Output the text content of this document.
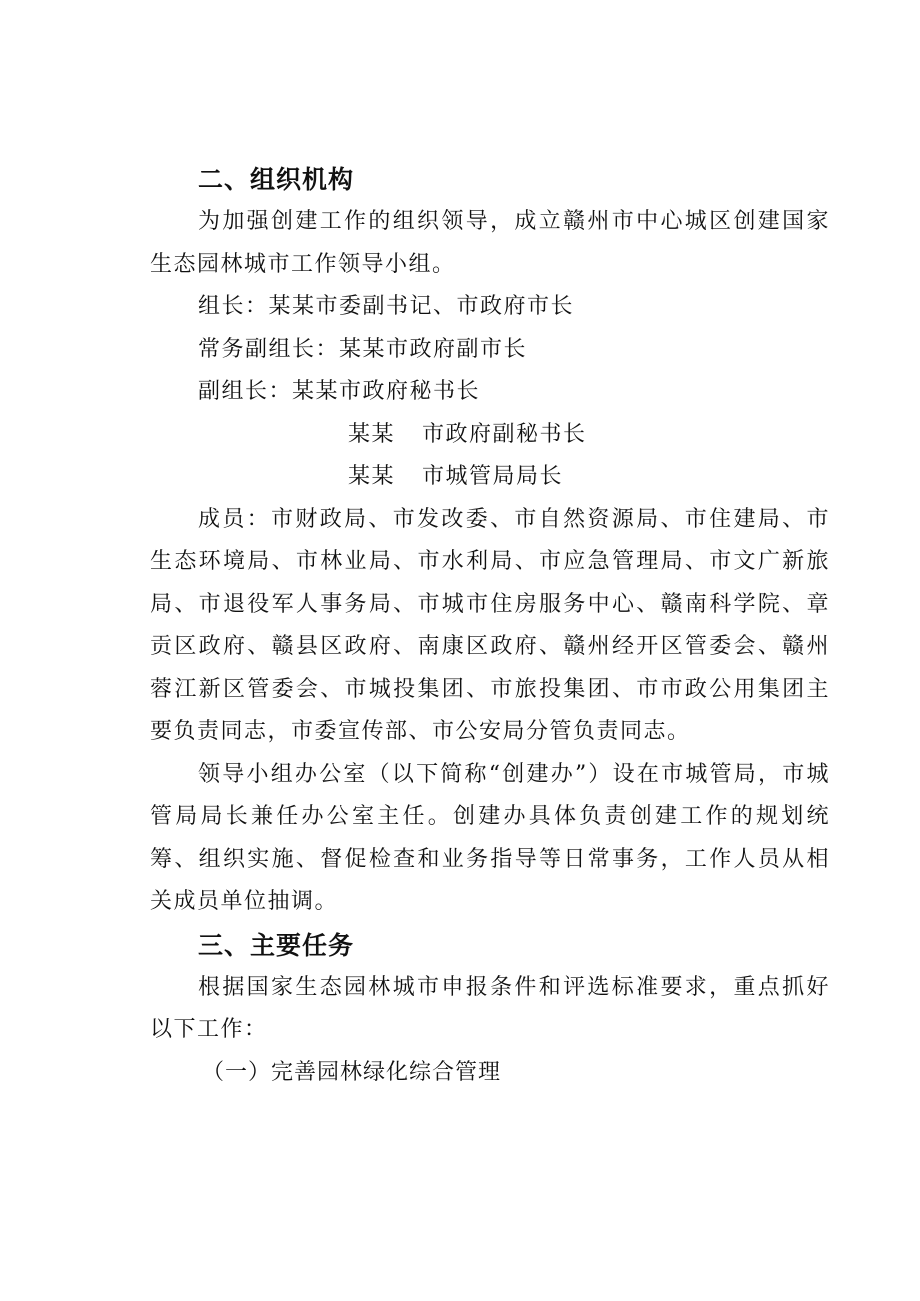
二、组织机构

为加强创建工作的组织领导，成立赣州市中心城区创建国家生态园林城市工作领导小组。

组长：某某市委副书记、市政府市长
常务副组长：某某市政府副市长
副组长：某某市政府秘书长
某某 市政府副秘书长
某某 市城管局局长

成员：市财政局、市发改委、市自然资源局、市住建局、市生态环境局、市林业局、市水利局、市应急管理局、市文广新旅局、市退役军人事务局、市城市住房服务中心、赣南科学院、章贡区政府、赣县区政府、南康区政府、赣州经开区管委会、赣州蓉江新区管委会、市城投集团、市旅投集团、市市政公用集团主要负责同志，市委宣传部、市公安局分管负责同志。

领导小组办公室（以下简称“创建办”）设在市城管局，市城管局局长兼任办公室主任。创建办具体负责创建工作的规划统筹、组织实施、督促检查和业务指导等日常事务，工作人员从相关成员单位抽调。

三、主要任务

根据国家生态园林城市申报条件和评选标准要求，重点抓好以下工作：

（一）完善园林绿化综合管理
